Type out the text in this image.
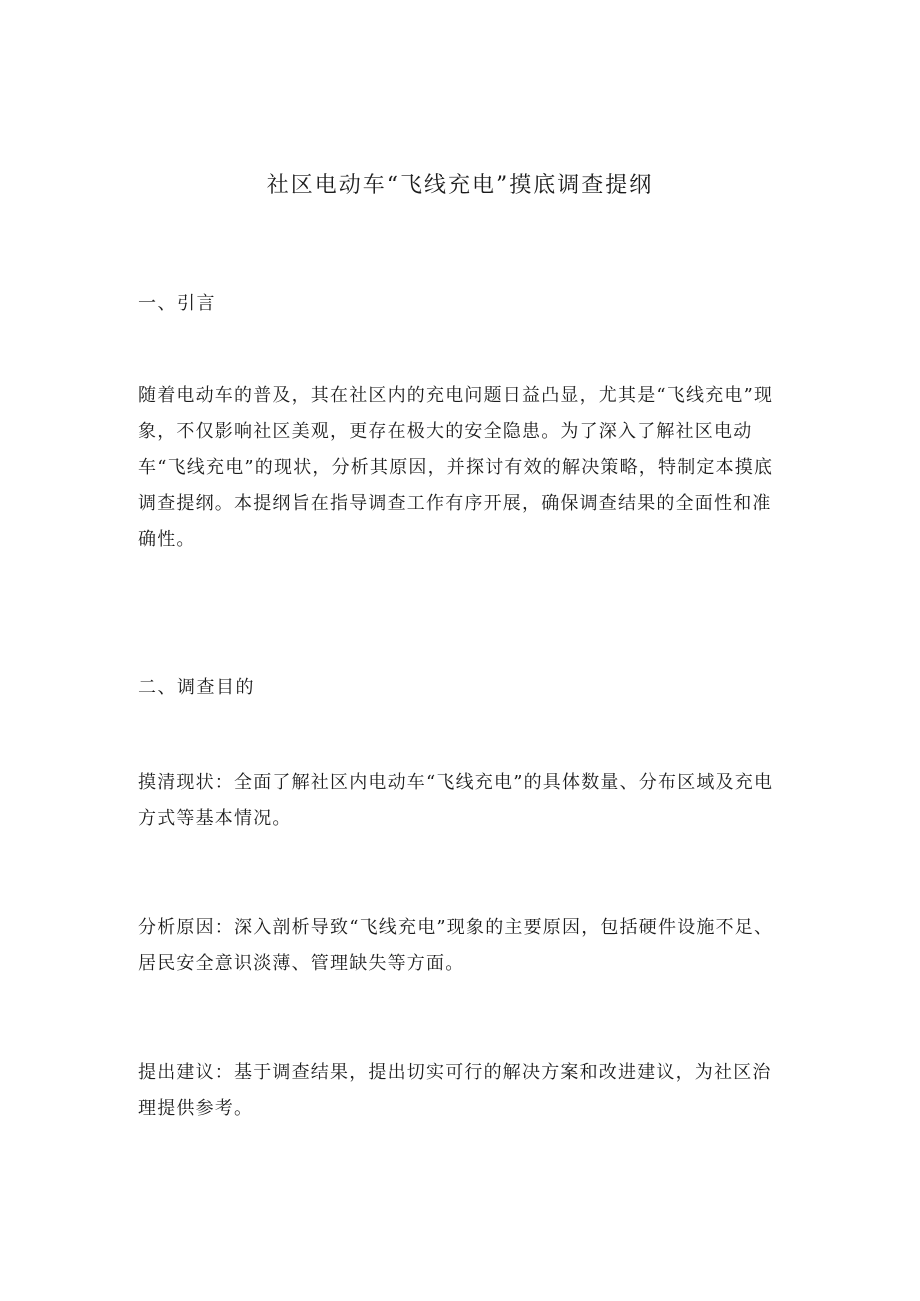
社区电动车“飞线充电”摸底调查提纲
一、引言

随着电动车的普及，其在社区内的充电问题日益凸显，尤其是“飞线充电”现象，不仅影响社区美观，更存在极大的安全隐患。为了深入了解社区电动车“飞线充电”的现状，分析其原因，并探讨有效的解决策略，特制定本摸底调查提纲。本提纲旨在指导调查工作有序开展，确保调查结果的全面性和准确性。

二、调查目的

摸清现状：全面了解社区内电动车“飞线充电”的具体数量、分布区域及充电方式等基本情况。

分析原因：深入剖析导致“飞线充电”现象的主要原因，包括硬件设施不足、居民安全意识淡薄、管理缺失等方面。

提出建议：基于调查结果，提出切实可行的解决方案和改进建议，为社区治理提供参考。
